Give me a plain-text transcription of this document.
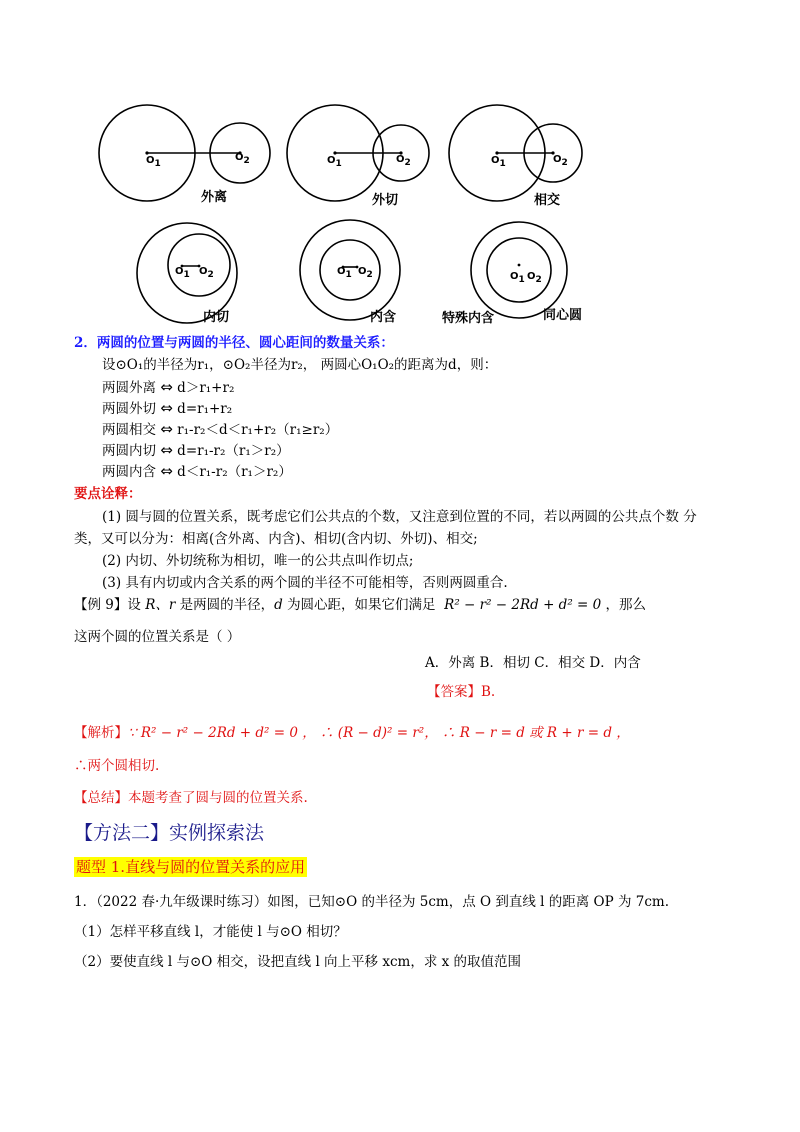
$O_1$
$O_2$	$O_1$	$O_2$	$O_1$	$O_2$
$O_1$ $O_2$	$O_1$ $O_2$	$O_1$ $O_2$
外离	外切	相交
内切	内含	特殊内含	同心圆
2．两圆的位置与两圆的半径、圆心距间的数量关系：
设⊙O₁的半径为r₁，⊙O₂半径为r₂， 两圆心O₁O₂的距离为d，则：
两圆外离 ⇔ d＞r₁+r₂
两圆外切 ⇔ d=r₁+r₂
两圆相交 ⇔ r₁-r₂＜d＜r₁+r₂（r₁≥r₂）
两圆内切 ⇔ d=r₁-r₂（r₁＞r₂）
两圆内含 ⇔ d＜r₁-r₂（r₁＞r₂）
要点诠释：
(1) 圆与圆的位置关系，既考虑它们公共点的个数，又注意到位置的不同，若以两圆的公共点个数 分
类，又可以分为：相离(含外离、内含)、相切(含内切、外切)、相交;
(2) 内切、外切统称为相切，唯一的公共点叫作切点;
(3) 具有内切或内含关系的两个圆的半径不可能相等，否则两圆重合.
【例 9】设 R、r 是两圆的半径，d 为圆心距，如果它们满足 R² − r² − 2Rd + d² = 0 ，那么
这两个圆的位置关系是（ ）
A．外离 B．相切 C．相交 D．内含
【答案】B.
【解析】∵ R² − r² − 2Rd + d² = 0 ， ∴ (R − d)² = r²， ∴ R − r = d 或 R + r = d ，
∴两个圆相切.
【总结】本题考查了圆与圆的位置关系.
【方法二】实例探索法
题型 1.直线与圆的位置关系的应用
1．（2022 春·九年级课时练习）如图，已知⊙O 的半径为 5cm，点 O 到直线 l 的距离 OP 为 7cm.
（1）怎样平移直线 l，才能使 l 与⊙O 相切？
（2）要使直线 l 与⊙O 相交，设把直线 l 向上平移 xcm，求 x 的取值范围
